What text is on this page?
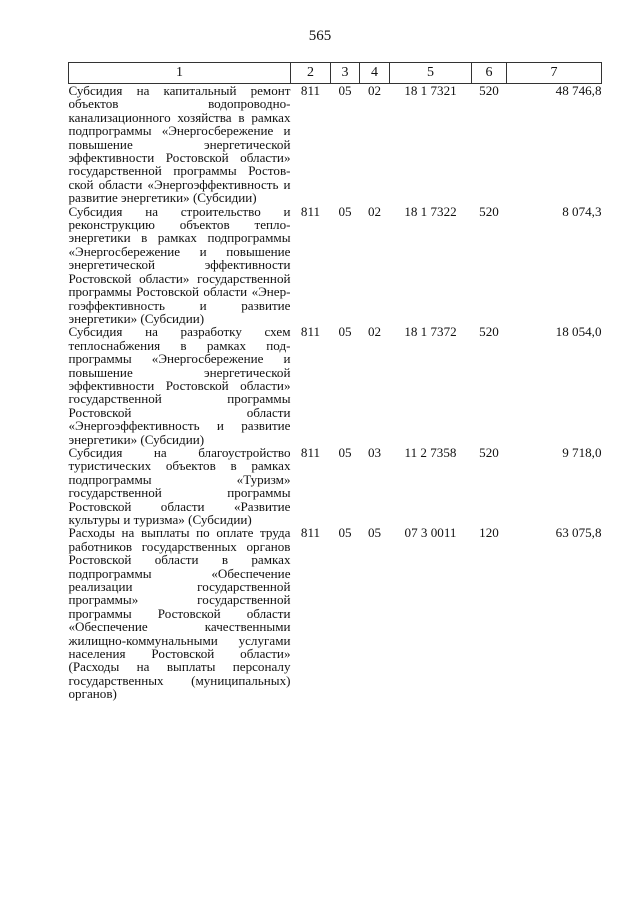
565
1	2	3	4	5	6	7
Субсидия на капитальный ремонт объектов водопроводно-канализационного хозяйства в рамках подпрограммы «Энергосбережение и повышение энергетической эффективности Ростовской области» государственной программы Ростовской области «Энергоэффективность и развитие энергетики» (Субсидии)	811	05	02	18 1 7321	520	48 746,8
Субсидия на строительство и реконструкцию объектов теплоэнергетики в рамках подпрограммы «Энергосбережение и повышение энергетической эффективности Ростовской области» государственной программы Ростовской области «Энергоэффективность и развитие энергетики» (Субсидии)	811	05	02	18 1 7322	520	8 074,3
Субсидия на разработку схем теплоснабжения в рамках подпрограммы «Энергосбережение и повышение энергетической эффективности Ростовской области» государственной программы Ростовской области «Энергоэффективность и развитие энергетики» (Субсидии)	811	05	02	18 1 7372	520	18 054,0
Субсидия на благоустройство туристических объектов в рамках подпрограммы «Туризм» государственной программы Ростовской области «Развитие культуры и туризма» (Субсидии)	811	05	03	11 2 7358	520	9 718,0
Расходы на выплаты по оплате труда работников государственных органов Ростовской области в рамках подпрограммы «Обеспечение реализации государственной программы» государственной программы Ростовской области «Обеспечение качественными жилищно-коммунальными услугами населения Ростовской области» (Расходы на выплаты персоналу государственных (муниципальных) органов)	811	05	05	07 3 0011	120	63 075,8
